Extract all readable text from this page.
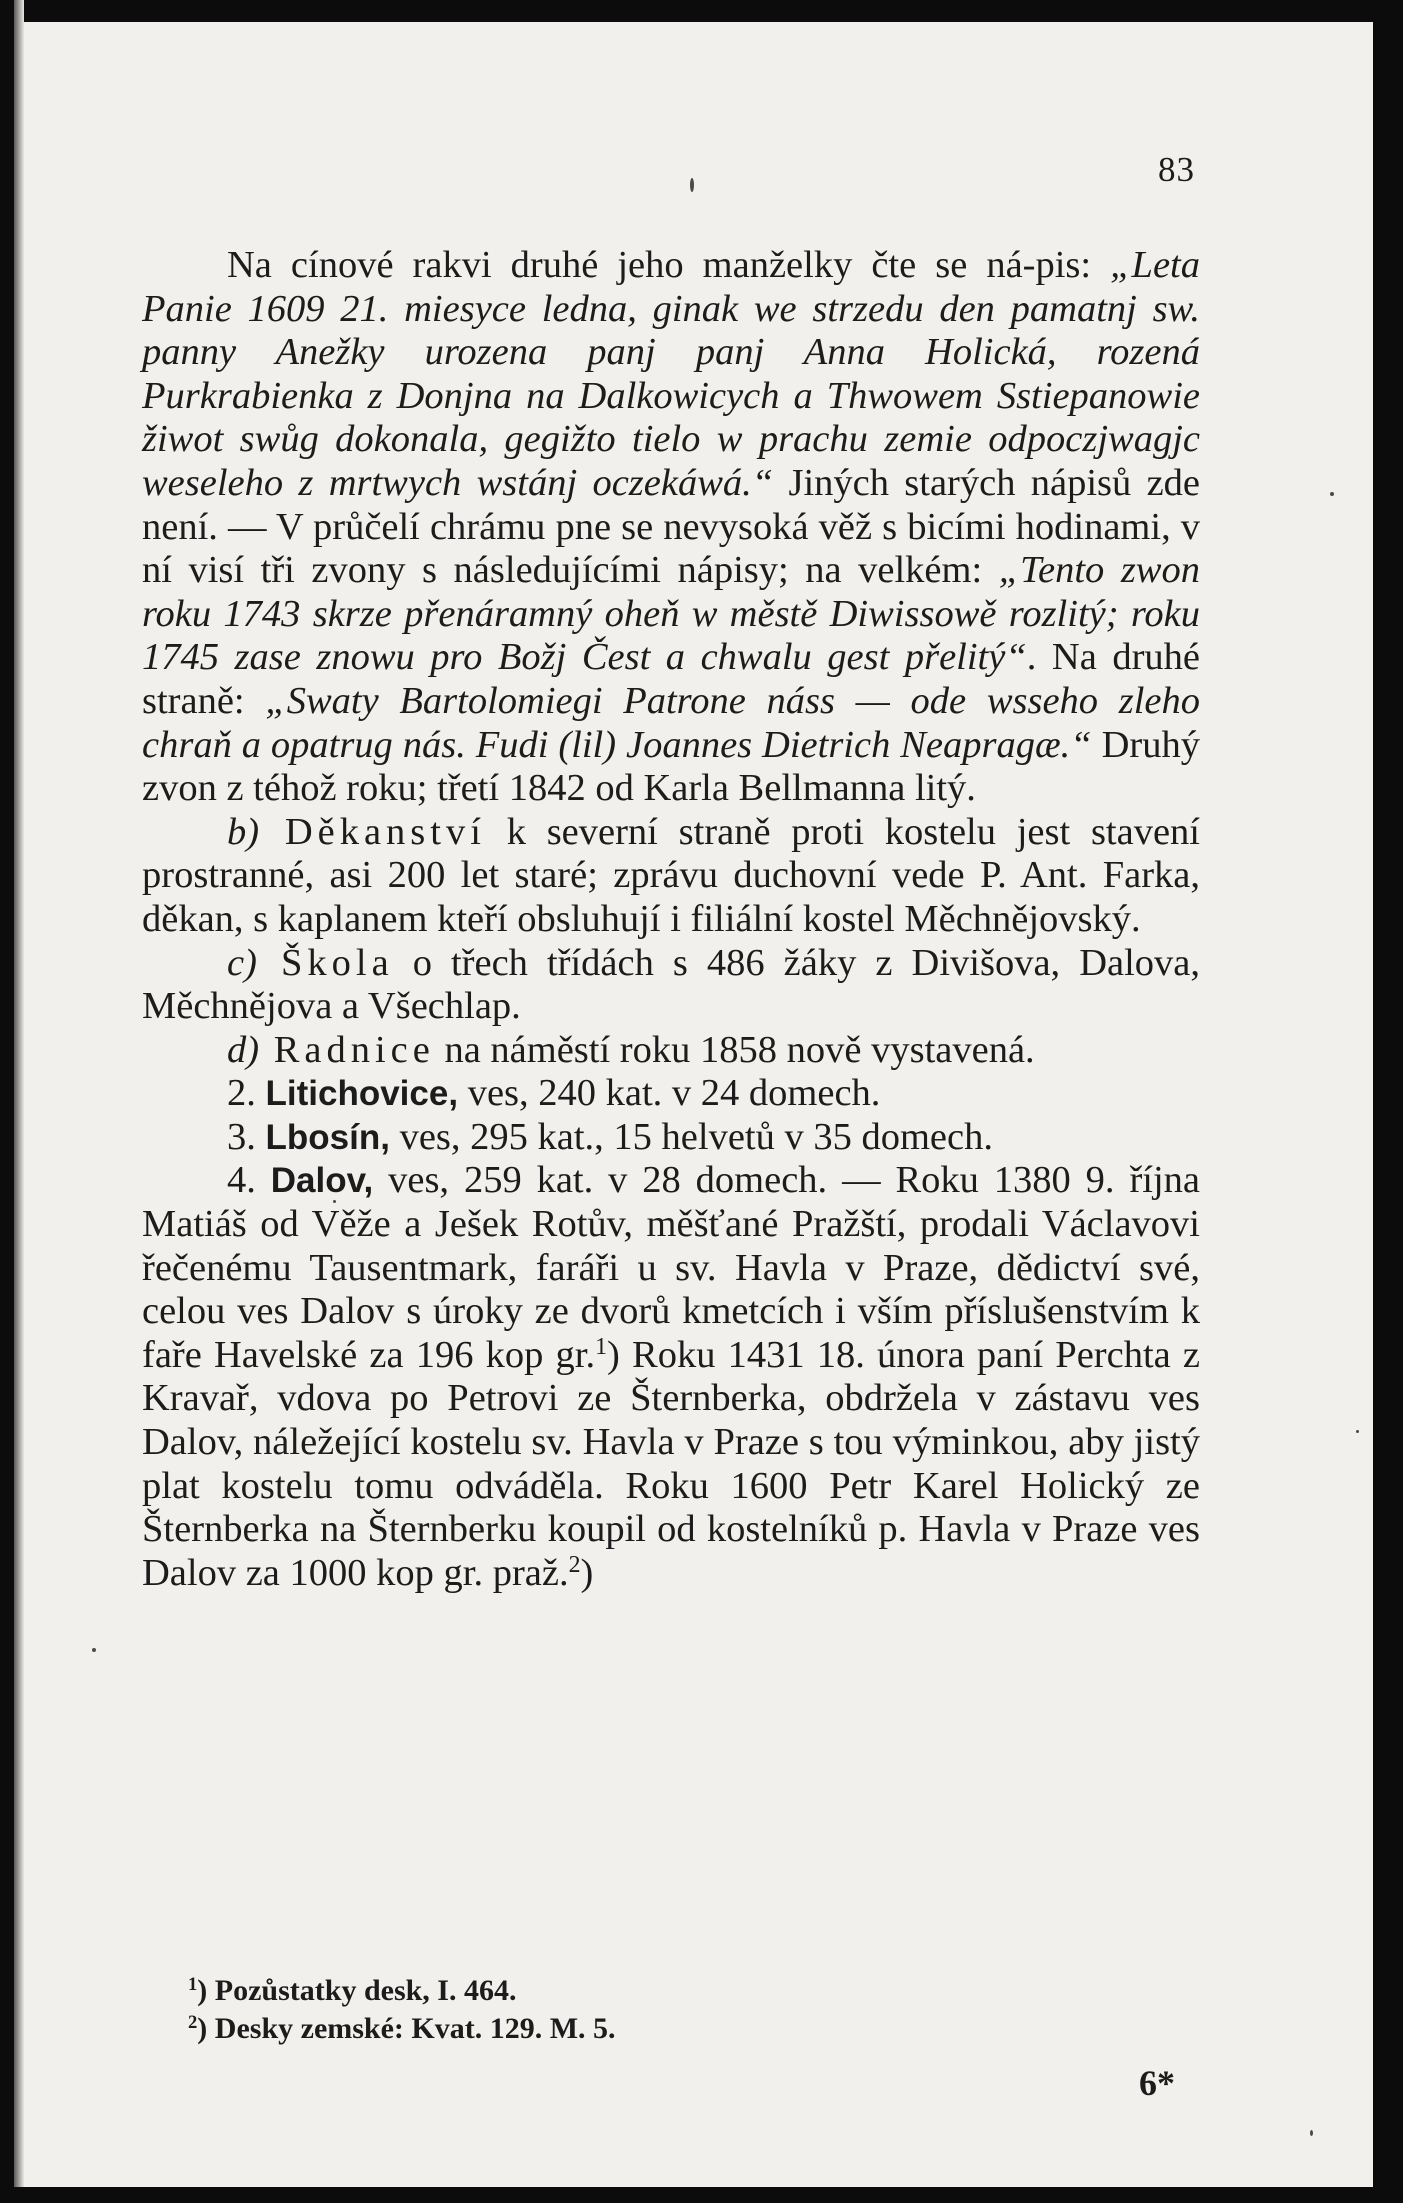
83

Na cínové rakvi druhé jeho manželky čte se ná-pis: „Leta Panie 1609 21. miesyce ledna, ginak we strzedu den pamatnj sw. panny Anežky urozena panj panj Anna Holická, rozená Purkrabienka z Donjna na Dalkowicych a Thwowem Sstiepanowie žiwot swůg dokonala, gegižto tielo w prachu zemie odpoczjwagjc weseleho z mrtwych wstánj oczekáwá.“ Jiných starých nápisů zde není. — V průčelí chrámu pne se nevysoká věž s bicími hodinami, v ní visí tři zvony s následujícími nápisy; na velkém: „Tento zwon roku 1743 skrze přenáramný oheň w městě Diwissowě rozlitý; roku 1745 zase znowu pro Božj Čest a chwalu gest přelitý“. Na druhé straně: „Swaty Bartolomiegi Patrone náss — ode wsseho zleho chraň a opatrug nás. Fudi (lil) Joannes Dietrich Neapragæ.“ Druhý zvon z téhož roku; třetí 1842 od Karla Bellmanna litý.

b) Děkanství k severní straně proti kostelu jest stavení prostranné, asi 200 let staré; zprávu duchovní vede P. Ant. Farka, děkan, s kaplanem kteří obsluhují i filiální kostel Měchnějovský.

c) Škola o třech třídách s 486 žáky z Divišova, Dalova, Měchnějova a Všechlap.

d) Radnice na náměstí roku 1858 nově vystavená.

2. Litichovice, ves, 240 kat. v 24 domech.

3. Lbosín, ves, 295 kat., 15 helvetů v 35 domech.

4. Dalov, ves, 259 kat. v 28 domech. — Roku 1380 9. října Matiáš od Věže a Ješek Rotův, měšťané Pražští, prodali Václavovi řečenému Tausentmark, faráři u sv. Havla v Praze, dědictví své, celou ves Dalov s úroky ze dvorů kmetcích i vším příslušenstvím k faře Havelské za 196 kop gr.$^1$) Roku 1431 18. února paní Perchta z Kravař, vdova po Petrovi ze Šternberka, obdržela v zástavu ves Dalov, náležející kostelu sv. Havla v Praze s tou výminkou, aby jistý plat kostelu tomu odváděla. Roku 1600 Petr Karel Holický ze Šternberka na Šternberku koupil od kostelníků p. Havla v Praze ves Dalov za 1000 kop gr. praž.$^2$)

$^1$) Pozůstatky desk, I. 464.
$^2$) Desky zemské: Kvat. 129. M. 5.
6*
